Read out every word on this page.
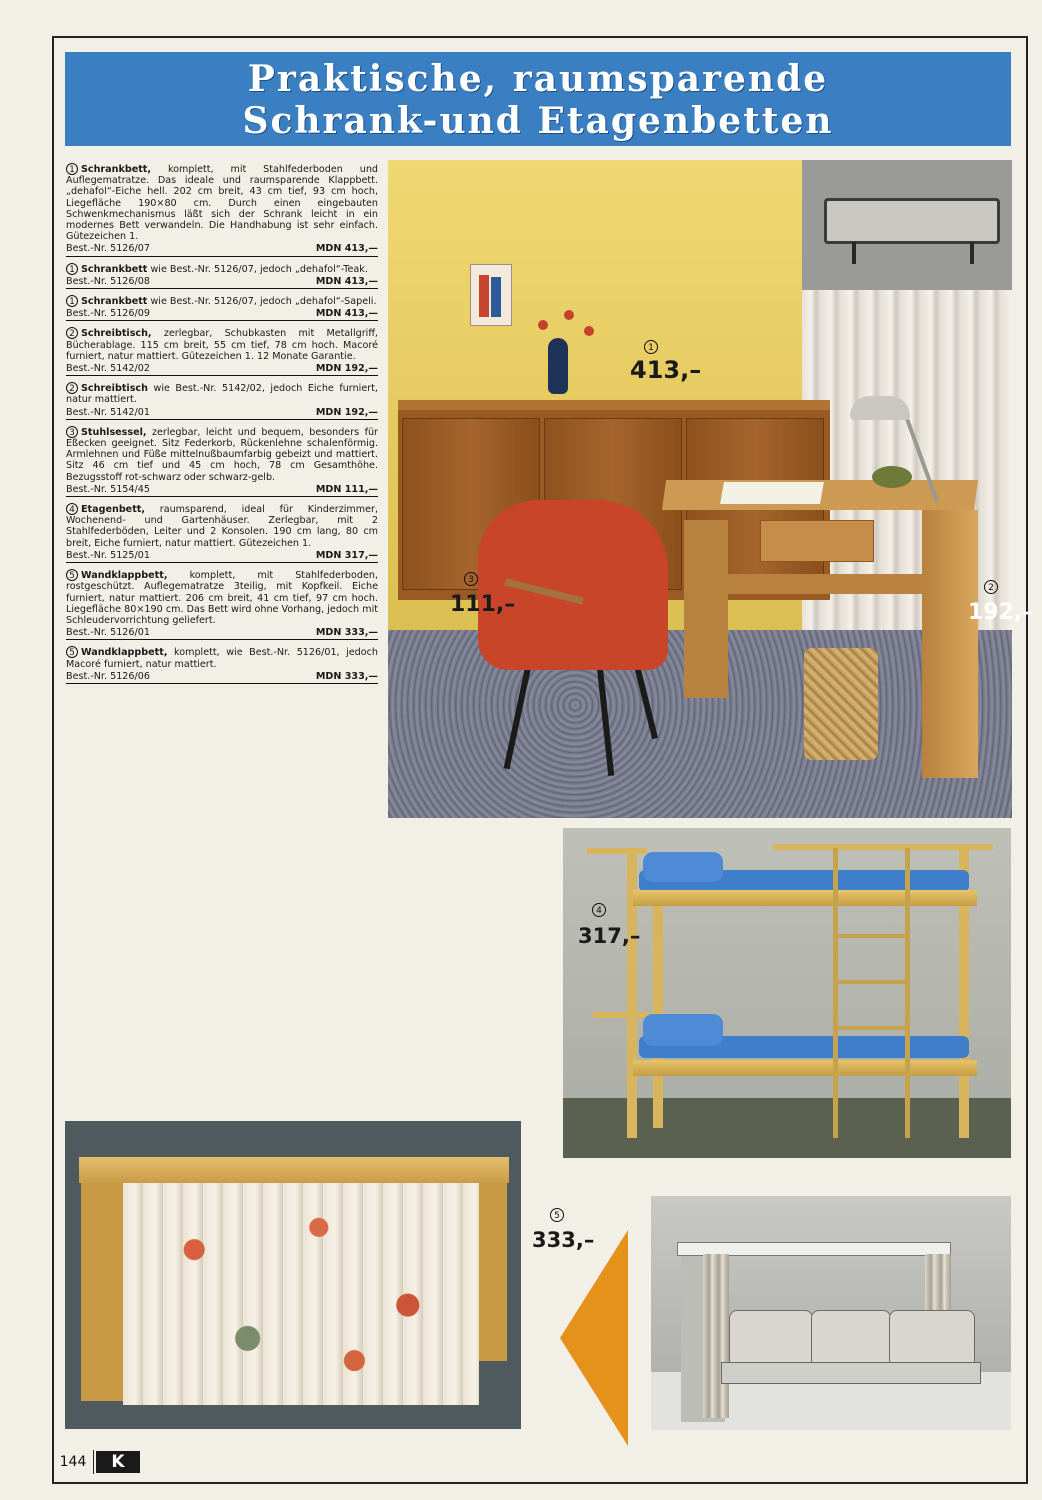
Praktische, raumsparende
Schrank-und Etagenbetten
1 Schrankbett, komplett, mit Stahlfederboden und Auflegematratze. Das ideale und raumsparende Klappbett. „dehafol“-Eiche hell. 202 cm breit, 43 cm tief, 93 cm hoch, Liegefläche 190×80 cm. Durch einen eingebauten Schwenkmechanismus läßt sich der Schrank leicht in ein modernes Bett verwandeln. Die Handhabung ist sehr einfach. Gütezeichen 1.
Best.-Nr. 5126/07	MDN 413,—
1 Schrankbett wie Best.-Nr. 5126/07, jedoch „dehafol“-Teak.
Best.-Nr. 5126/08	MDN 413,—
1 Schrankbett wie Best.-Nr. 5126/07, jedoch „dehafol“-Sapeli.
Best.-Nr. 5126/09	MDN 413,—
2 Schreibtisch, zerlegbar, Schubkasten mit Metallgriff, Bücherablage. 115 cm breit, 55 cm tief, 78 cm hoch. Macoré furniert, natur mattiert. Gütezeichen 1. 12 Monate Garantie.
Best.-Nr. 5142/02	MDN 192,—
2 Schreibtisch wie Best.-Nr. 5142/02, jedoch Eiche furniert, natur mattiert.
Best.-Nr. 5142/01	MDN 192,—
3 Stuhlsessel, zerlegbar, leicht und bequem, besonders für Eßecken geeignet. Sitz Federkorb, Rückenlehne schalenförmig. Armlehnen und Füße mittelnußbaumfarbig gebeizt und mattiert. Sitz 46 cm tief und 45 cm hoch, 78 cm Gesamthöhe. Bezugsstoff rot-schwarz oder schwarz-gelb.
Best.-Nr. 5154/45	MDN 111,—
4 Etagenbett, raumsparend, ideal für Kinderzimmer, Wochenend- und Gartenhäuser. Zerlegbar, mit 2 Stahlfederböden, Leiter und 2 Konsolen. 190 cm lang, 80 cm breit, Eiche furniert, natur mattiert. Gütezeichen 1.
Best.-Nr. 5125/01	MDN 317,—
5 Wandklappbett, komplett, mit Stahlfederboden, rostgeschützt. Auflegematratze 3teilig, mit Kopfkeil. Eiche furniert, natur mattiert. 206 cm breit, 41 cm tief, 97 cm hoch. Liegefläche 80×190 cm. Das Bett wird ohne Vorhang, jedoch mit Schleudervorrichtung geliefert.
Best.-Nr. 5126/01	MDN 333,—
5 Wandklappbett, komplett, wie Best.-Nr. 5126/01, jedoch Macoré furniert, natur mattiert.
Best.-Nr. 5126/06	MDN 333,—
1
413,–
3
111,–
2
192,–
4
317,–
5
333,–
144	K
